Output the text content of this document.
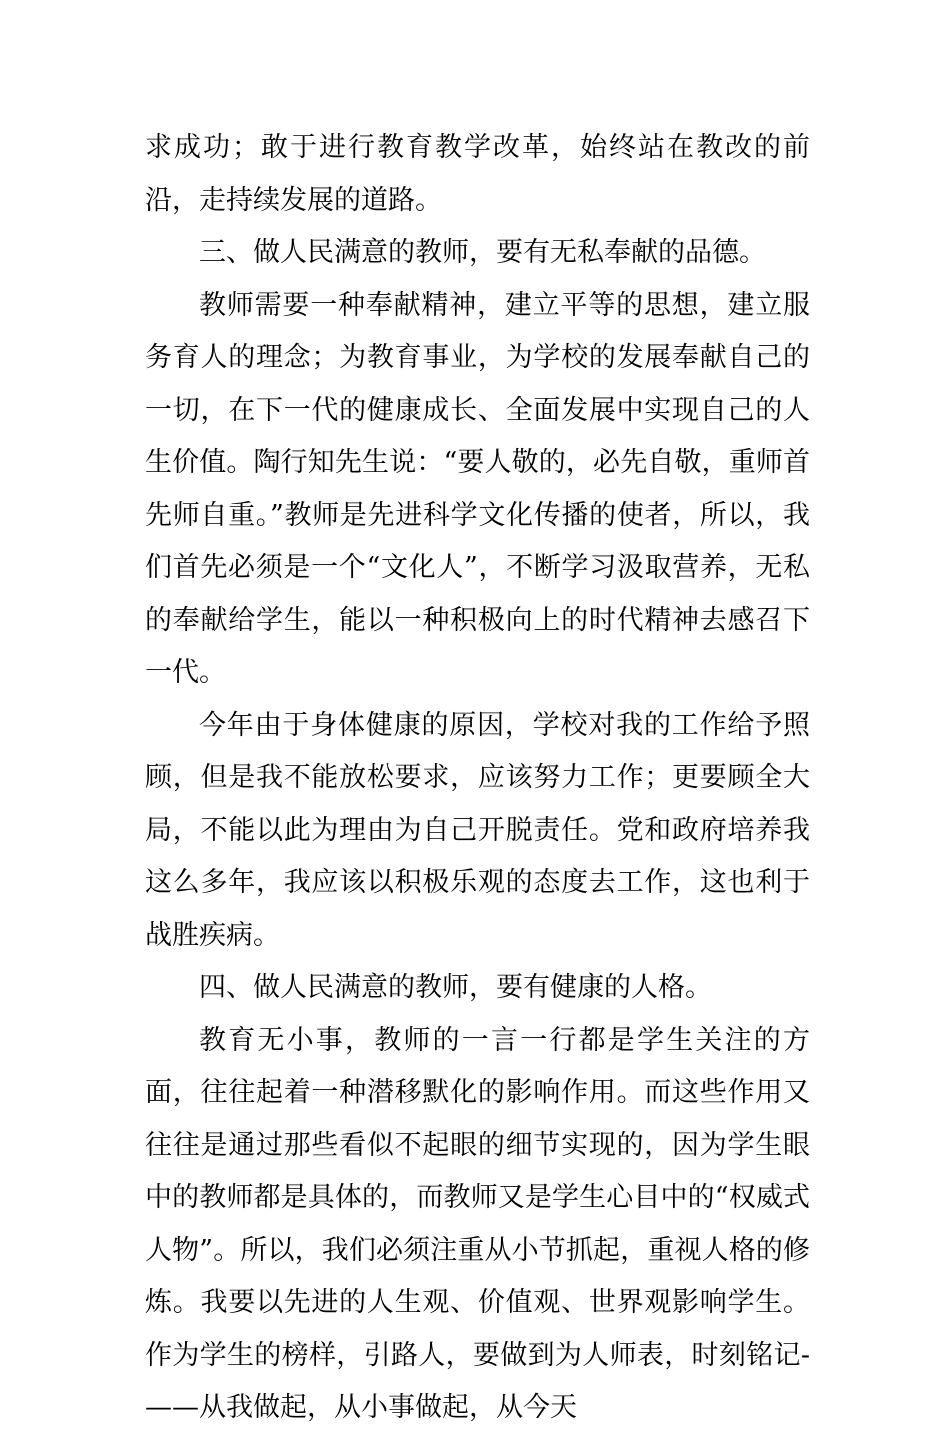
求成功；敢于进行教育教学改革，始终站在教改的前沿，走持续发展的道路。

三、做人民满意的教师，要有无私奉献的品德。

教师需要一种奉献精神，建立平等的思想，建立服务育人的理念；为教育事业，为学校的发展奉献自己的一切，在下一代的健康成长、全面发展中实现自己的人生价值。陶行知先生说：“要人敬的，必先自敬，重师首先师自重。”教师是先进科学文化传播的使者，所以，我们首先必须是一个“文化人”，不断学习汲取营养，无私的奉献给学生，能以一种积极向上的时代精神去感召下一代。

今年由于身体健康的原因，学校对我的工作给予照顾，但是我不能放松要求，应该努力工作；更要顾全大局，不能以此为理由为自己开脱责任。党和政府培养我这么多年，我应该以积极乐观的态度去工作，这也利于战胜疾病。

四、做人民满意的教师，要有健康的人格。

教育无小事，教师的一言一行都是学生关注的方面，往往起着一种潜移默化的影响作用。而这些作用又往往是通过那些看似不起眼的细节实现的，因为学生眼中的教师都是具体的，而教师又是学生心目中的“权威式人物”。所以，我们必须注重从小节抓起，重视人格的修炼。我要以先进的人生观、价值观、世界观影响学生。作为学生的榜样，引路人，要做到为人师表，时刻铭记-——从我做起，从小事做起，从今天
